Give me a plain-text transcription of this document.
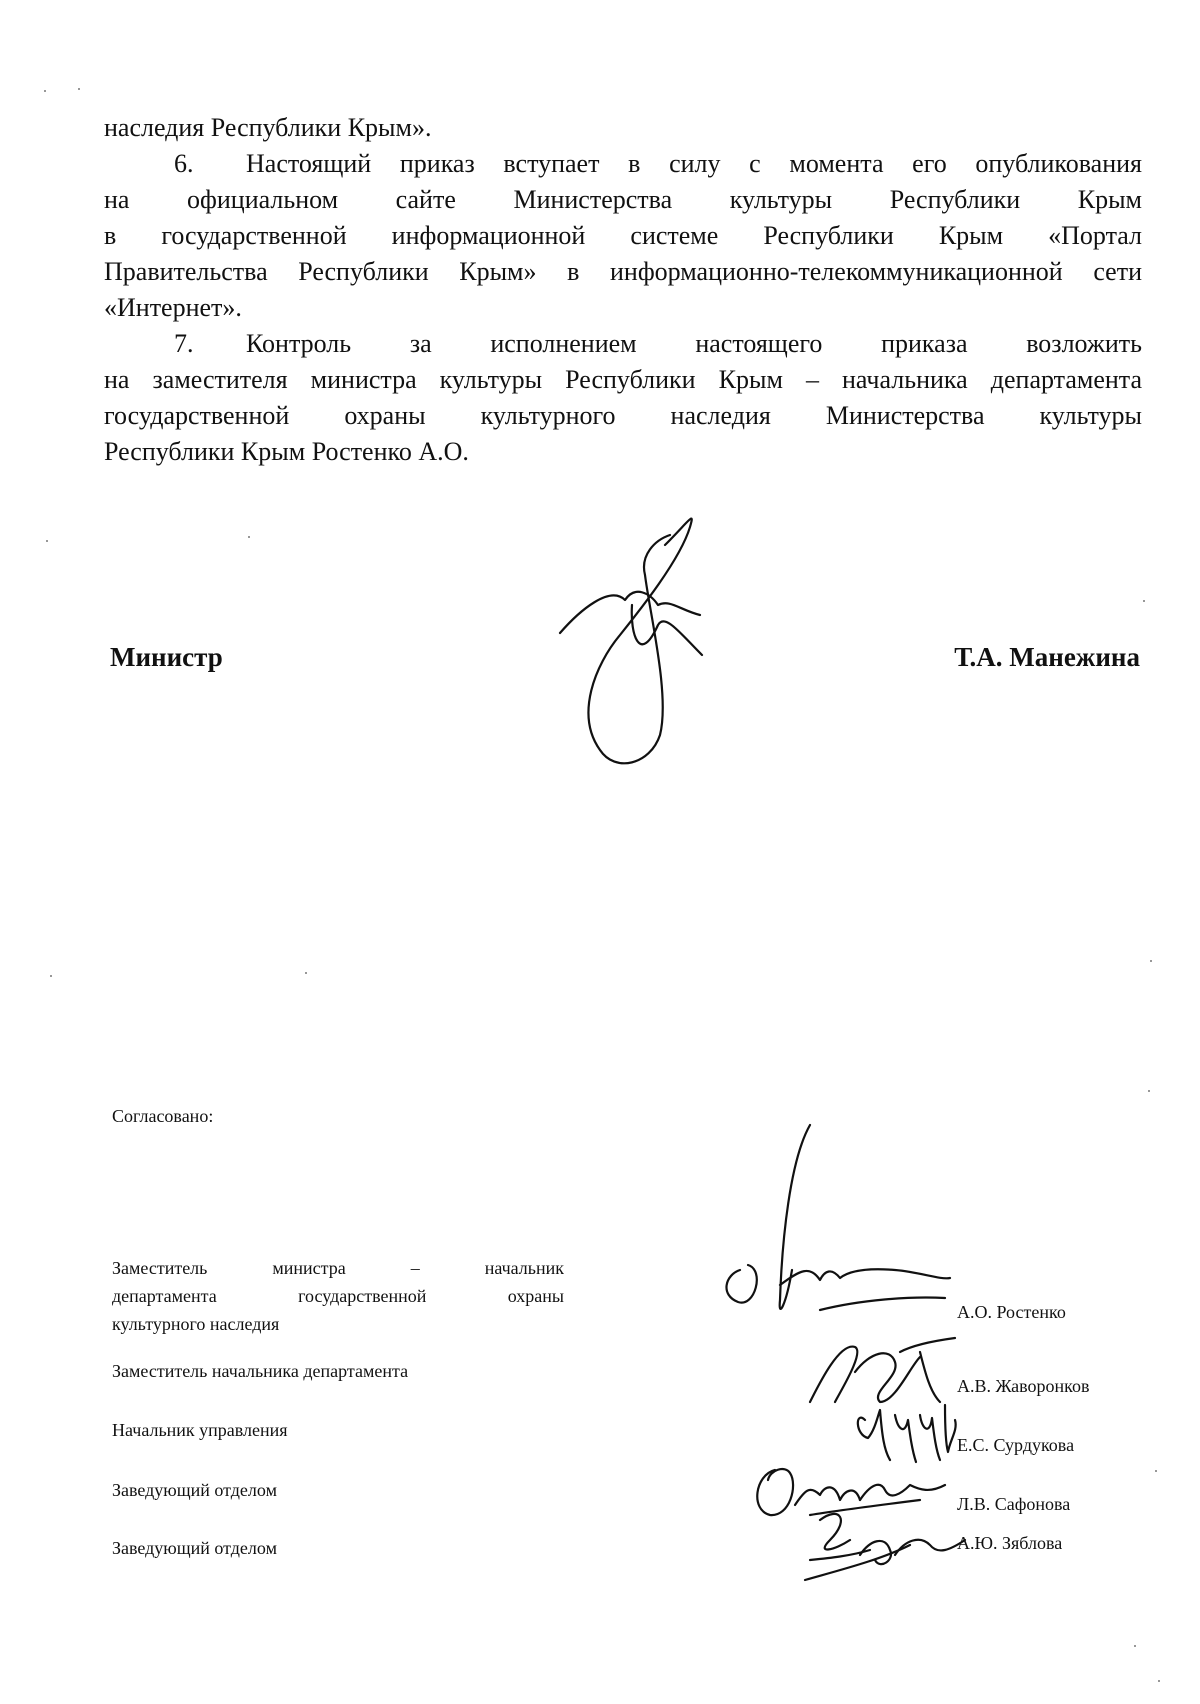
наследия Республики Крым».
6. Настоящий приказ вступает в силу с момента его опубликования
на официальном сайте Министерства культуры Республики Крым
в государственной информационной системе Республики Крым «Портал
Правительства Республики Крым» в информационно-телекоммуникационной сети
«Интернет».
7. Контроль за исполнением настоящего приказа возложить
на заместителя министра культуры Республики Крым – начальника департамента
государственной охраны культурного наследия Министерства культуры
Республики Крым Ростенко А.О.
Министр	Т.А. Манежина
Согласовано:
Заместитель министра – начальник
департамента государственной охраны
культурного наследия
А.О. Ростенко
Заместитель начальника департамента
А.В. Жаворонков
Начальник управления
Е.С. Сурдукова
Заведующий отделом
Л.В. Сафонова
Заведующий отделом	А.Ю. Зяблова
